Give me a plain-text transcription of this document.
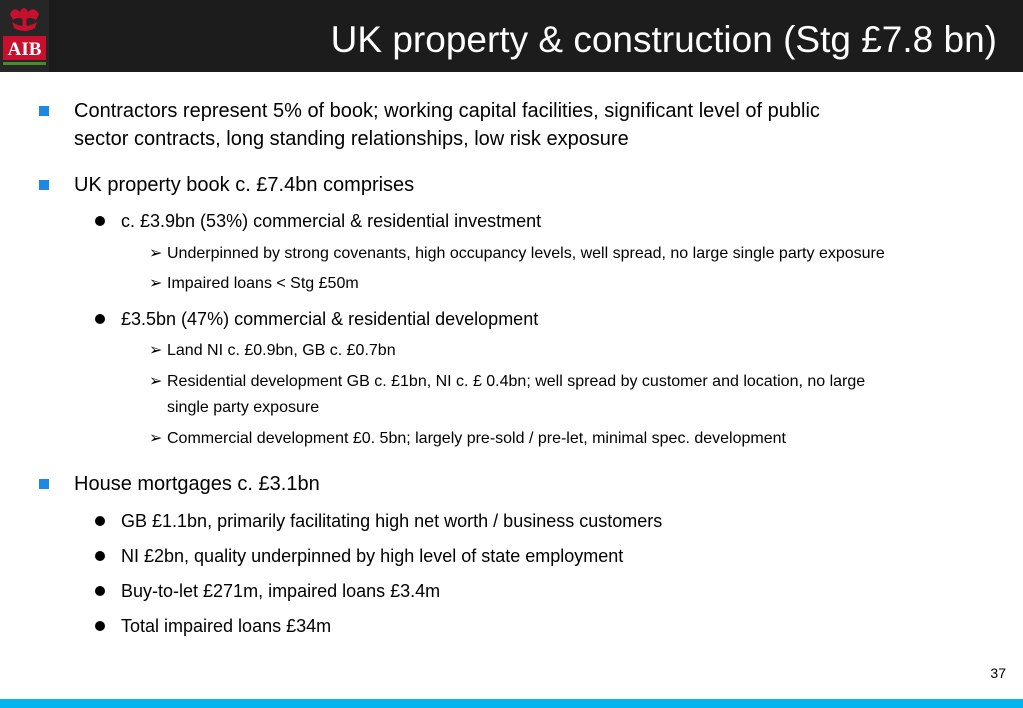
AIB	UK property & construction (Stg £7.8 bn)
Contractors represent 5% of book; working capital facilities, significant level of public
sector contracts, long standing relationships, low risk exposure
UK property book c. £7.4bn comprises
c. £3.9bn (53%) commercial & residential investment
➢ Underpinned by strong covenants, high occupancy levels, well spread, no large single party exposure
➢ Impaired loans < Stg £50m
£3.5bn (47%) commercial & residential development
➢ Land NI c. £0.9bn, GB c. £0.7bn
➢ Residential development GB c. £1bn, NI c. £ 0.4bn; well spread by customer and location, no large
single party exposure
➢ Commercial development £0. 5bn; largely pre-sold / pre-let, minimal spec. development
House mortgages c. £3.1bn
GB £1.1bn, primarily facilitating high net worth / business customers
NI £2bn, quality underpinned by high level of state employment
Buy-to-let £271m, impaired loans £3.4m
Total impaired loans £34m
37
